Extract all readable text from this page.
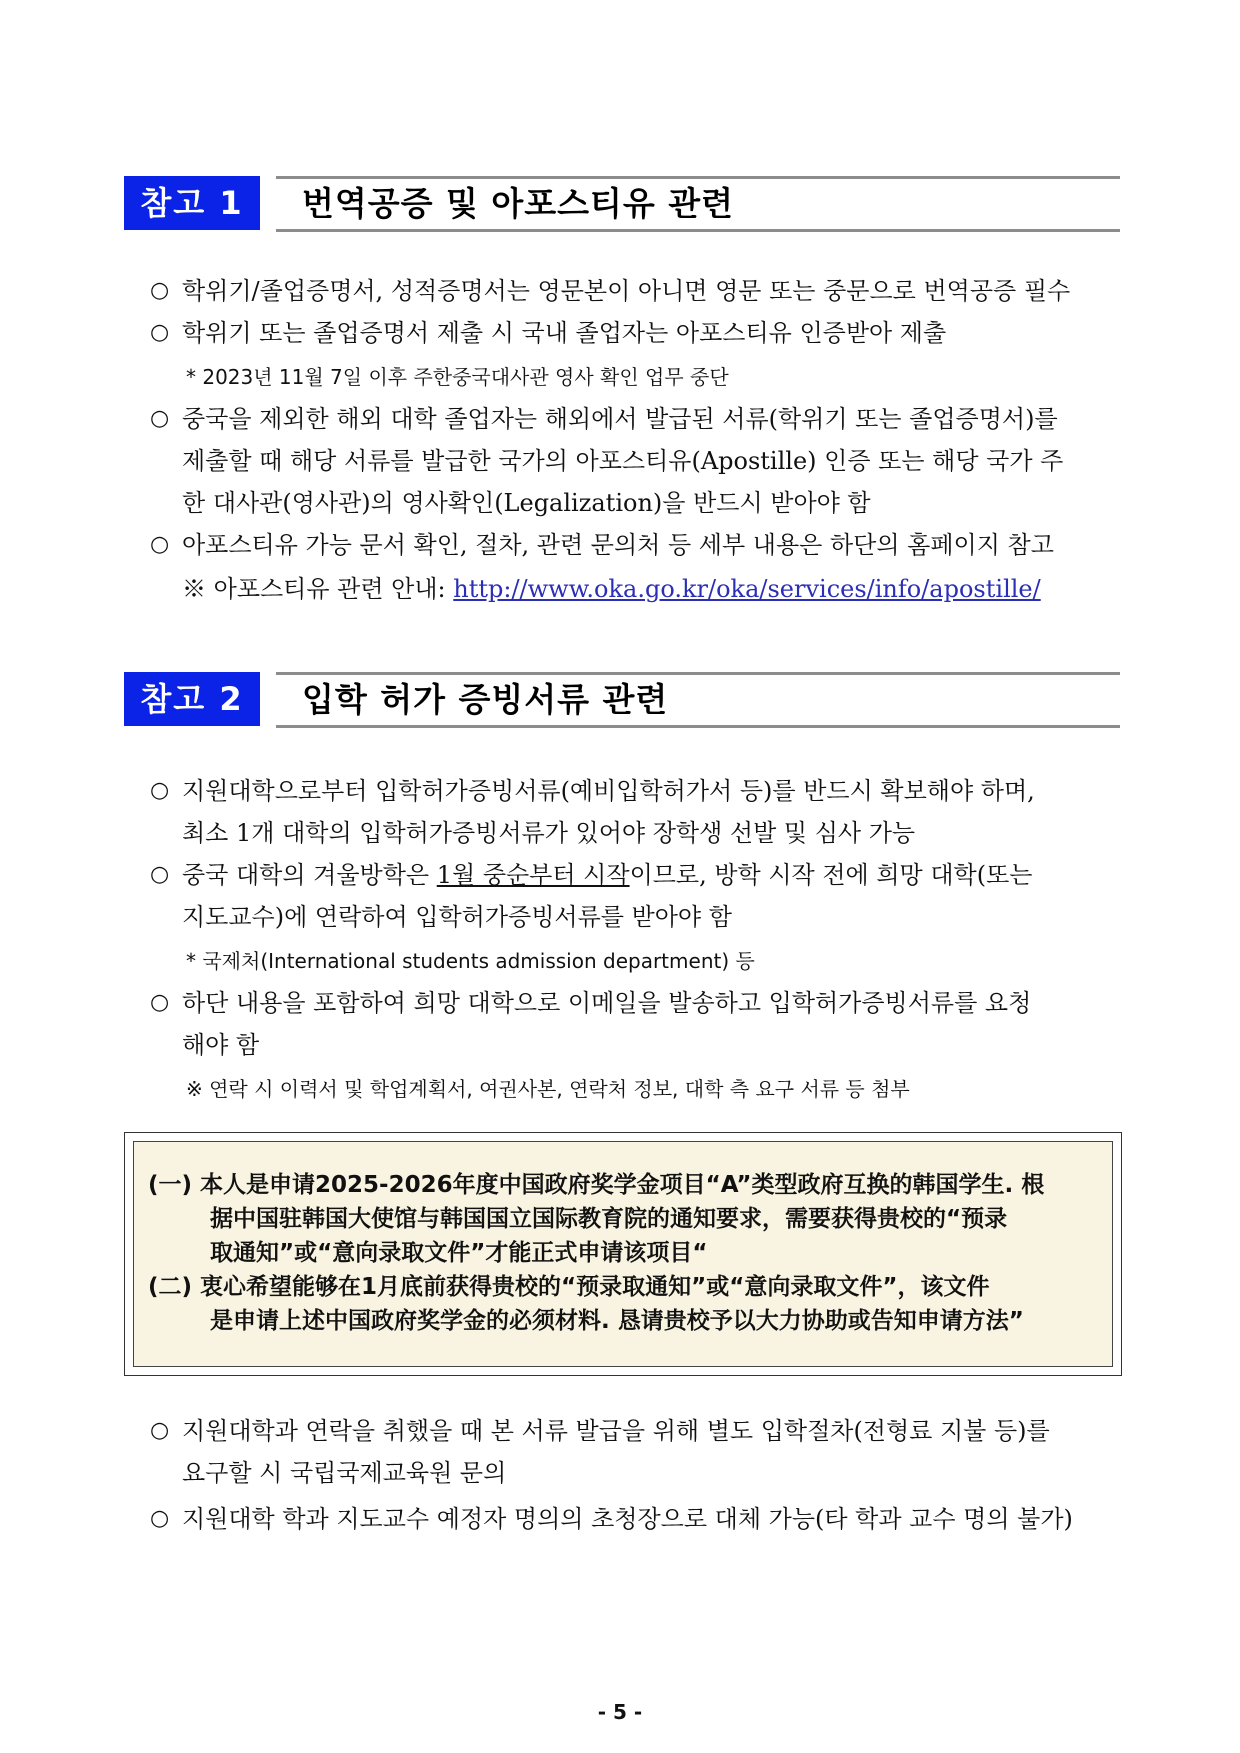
참고 1	번역공증 및 아포스티유 관련
○ 학위기/졸업증명서, 성적증명서는 영문본이 아니면 영문 또는 중문으로 번역공증 필수
○ 학위기 또는 졸업증명서 제출 시 국내 졸업자는 아포스티유 인증받아 제출
* 2023년 11월 7일 이후 주한중국대사관 영사 확인 업무 중단
○ 중국을 제외한 해외 대학 졸업자는 해외에서 발급된 서류(학위기 또는 졸업증명서)를
제출할 때 해당 서류를 발급한 국가의 아포스티유(Apostille) 인증 또는 해당 국가 주
한 대사관(영사관)의 영사확인(Legalization)을 반드시 받아야 함
○ 아포스티유 가능 문서 확인, 절차, 관련 문의처 등 세부 내용은 하단의 홈페이지 참고
※ 아포스티유 관련 안내: http://www.oka.go.kr/oka/services/info/apostille/
참고 2	입학 허가 증빙서류 관련
○ 지원대학으로부터 입학허가증빙서류(예비입학허가서 등)를 반드시 확보해야 하며,
최소 1개 대학의 입학허가증빙서류가 있어야 장학생 선발 및 심사 가능
○ 중국 대학의 겨울방학은 1월 중순부터 시작이므로, 방학 시작 전에 희망 대학(또는
지도교수)에 연락하여 입학허가증빙서류를 받아야 함
* 국제처(International students admission department) 등
○ 하단 내용을 포함하여 희망 대학으로 이메일을 발송하고 입학허가증빙서류를 요청
해야 함
※ 연락 시 이력서 및 학업계획서, 여권사본, 연락처 정보, 대학 측 요구 서류 등 첨부
(一) 本人是申请2025-2026年度中国政府奖学金项目“A”类型政府互换的韩国学生. 根
据中国驻韩国大使馆与韩国国立国际教育院的通知要求，需要获得贵校的“预录
取通知”或“意向录取文件”才能正式申请该项目“
(二) 衷心希望能够在1月底前获得贵校的“预录取通知”或“意向录取文件”，该文件
是申请上述中国政府奖学金的必须材料. 恳请贵校予以大力协助或告知申请方法”
○ 지원대학과 연락을 취했을 때 본 서류 발급을 위해 별도 입학절차(전형료 지불 등)를
요구할 시 국립국제교육원 문의
○ 지원대학 학과 지도교수 예정자 명의의 초청장으로 대체 가능(타 학과 교수 명의 불가)
- 5 -
